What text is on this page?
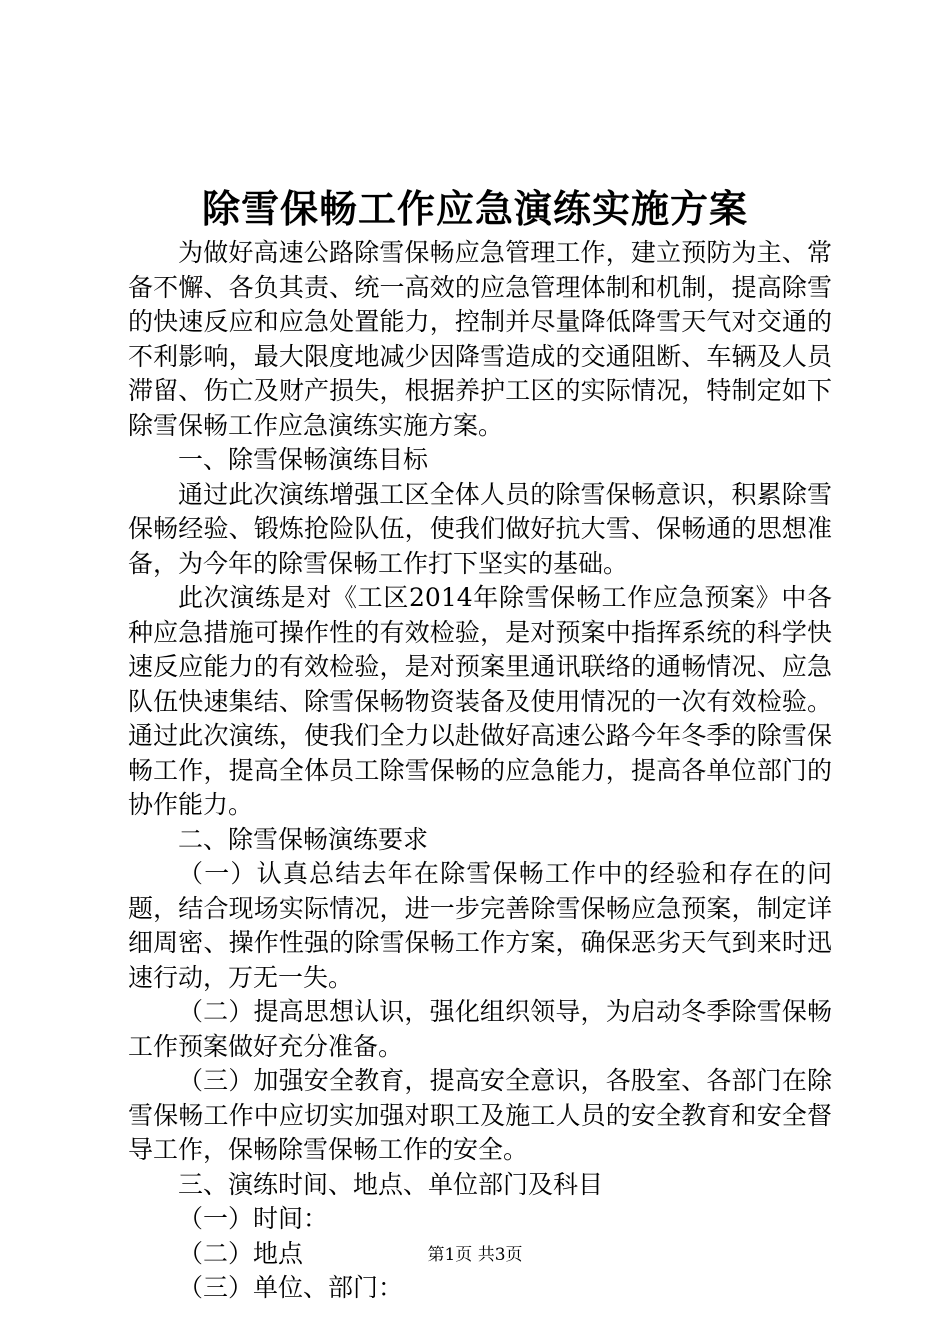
除雪保畅工作应急演练实施方案

为做好高速公路除雪保畅应急管理工作，建立预防为主、常备不懈、各负其责、统一高效的应急管理体制和机制，提高除雪的快速反应和应急处置能力，控制并尽量降低降雪天气对交通的不利影响，最大限度地减少因降雪造成的交通阻断、车辆及人员滞留、伤亡及财产损失，根据养护工区的实际情况，特制定如下除雪保畅工作应急演练实施方案。

一、除雪保畅演练目标

通过此次演练增强工区全体人员的除雪保畅意识，积累除雪保畅经验、锻炼抢险队伍，使我们做好抗大雪、保畅通的思想准备，为今年的除雪保畅工作打下坚实的基础。

此次演练是对《工区2014年除雪保畅工作应急预案》中各种应急措施可操作性的有效检验，是对预案中指挥系统的科学快速反应能力的有效检验，是对预案里通讯联络的通畅情况、应急队伍快速集结、除雪保畅物资装备及使用情况的一次有效检验。通过此次演练，使我们全力以赴做好高速公路今年冬季的除雪保畅工作，提高全体员工除雪保畅的应急能力，提高各单位部门的协作能力。

二、除雪保畅演练要求

（一）认真总结去年在除雪保畅工作中的经验和存在的问题，结合现场实际情况，进一步完善除雪保畅应急预案，制定详细周密、操作性强的除雪保畅工作方案，确保恶劣天气到来时迅速行动，万无一失。

（二）提高思想认识，强化组织领导，为启动冬季除雪保畅工作预案做好充分准备。

（三）加强安全教育，提高安全意识，各股室、各部门在除雪保畅工作中应切实加强对职工及施工人员的安全教育和安全督导工作，保畅除雪保畅工作的安全。

三、演练时间、地点、单位部门及科目

（一）时间：

（二）地点

（三）单位、部门：

第1页 共3页
